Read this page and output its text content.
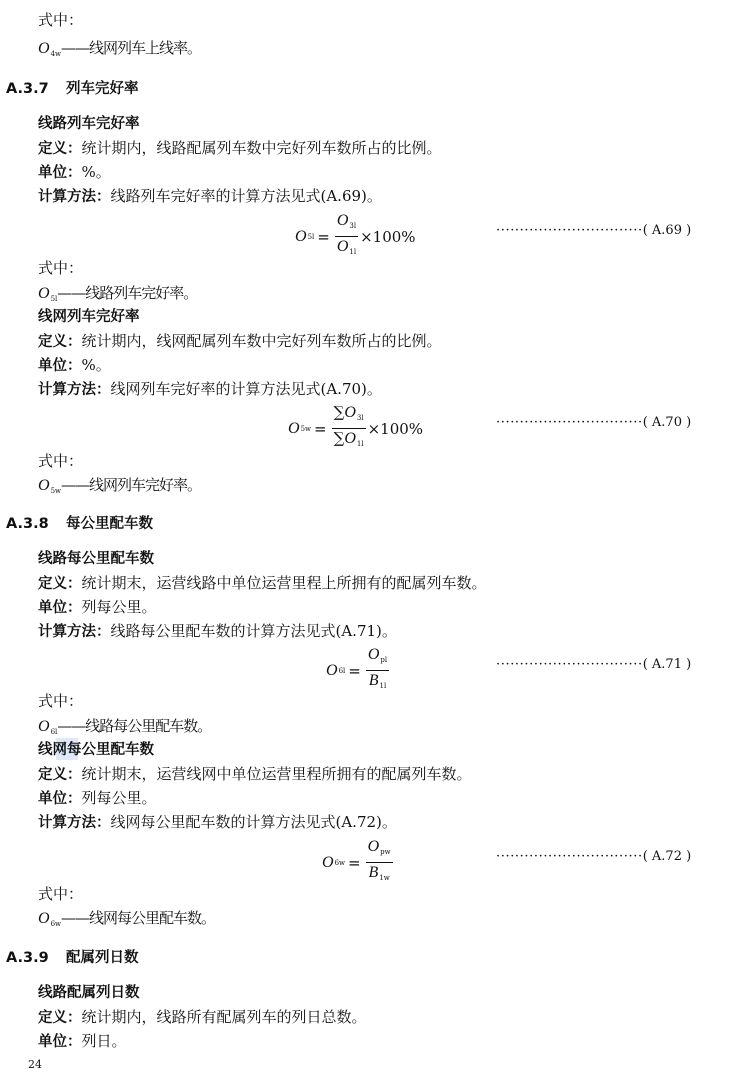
式中：
$O_{4w}——$线网列车上线率。
A.3.7 列车完好率
线路列车完好率
定义：统计期内，线路配属列车数中完好列车数所占的比例。
单位：%。
计算方法：线路列车完好率的计算方法见式(A.69)。
O $5l = \frac{O_{3l}}{O_{1l}} \times 100\%$	·······························( A.69 )
式中：
$O_{5l}——$线路列车完好率。
线网列车完好率
定义：统计期内，线网配属列车数中完好列车数所占的比例。
单位：%。
计算方法：线网列车完好率的计算方法见式(A.70)。
O $5w = \frac{\sum O_{3l}}{\sum O_{1l}} \times 100\%$	·······························( A.70 )
式中：
$O_{5w}——$线网列车完好率。
A.3.8 每公里配车数
线路每公里配车数
定义：统计期末，运营线路中单位运营里程上所拥有的配属列车数。
单位：列每公里。
计算方法：线路每公里配车数的计算方法见式(A.71)。
O $6l = \frac{O_{pl}}{B_{1l}}$	·······························( A.71 )
式中：
$O_{6l}——$线路每公里配车数。
线网每公里配车数
定义：统计期末，运营线网中单位运营里程所拥有的配属列车数。
单位：列每公里。
计算方法：线网每公里配车数的计算方法见式(A.72)。
O $6w = \frac{O_{pw}}{B_{1w}}$	·······························( A.72 )
式中：
$O_{6w}——$线网每公里配车数。
A.3.9 配属列日数
线路配属列日数
定义：统计期内，线路所有配属列车的列日总数。
单位：列日。
24
